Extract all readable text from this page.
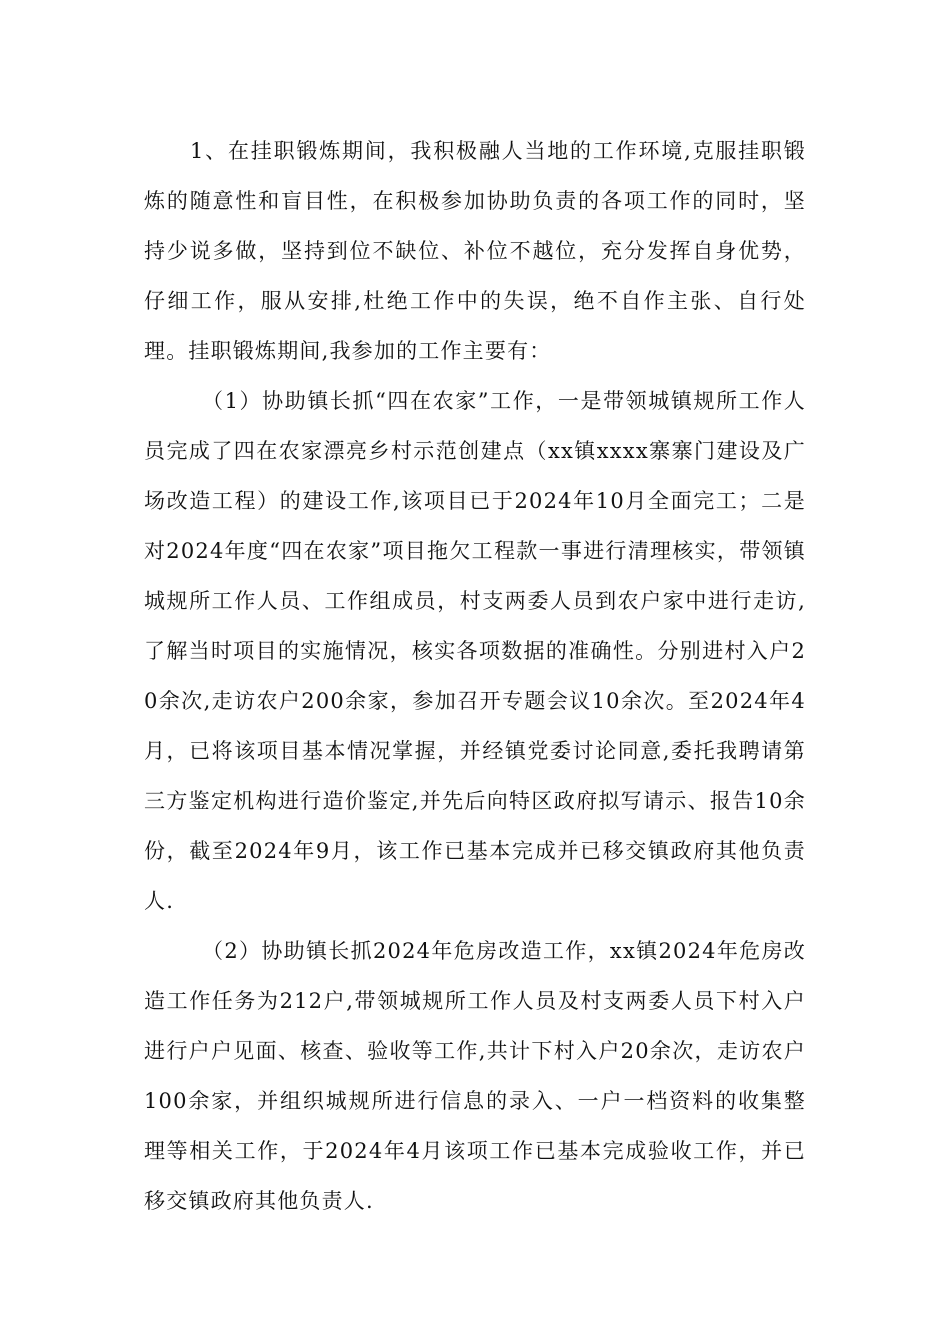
1、在挂职锻炼期间，我积极融人当地的工作环境,克服挂职锻炼的随意性和盲目性，在积极参加协助负责的各项工作的同时，坚持少说多做，坚持到位不缺位、补位不越位，充分发挥自身优势，仔细工作，服从安排,杜绝工作中的失误，绝不自作主张、自行处理。挂职锻炼期间,我参加的工作主要有：

（1）协助镇长抓“四在农家”工作，一是带领城镇规所工作人员完成了四在农家漂亮乡村示范创建点（xx镇xxxx寨寨门建设及广场改造工程）的建设工作,该项目已于2024年10月全面完工；二是对2024年度“四在农家”项目拖欠工程款一事进行清理核实，带领镇城规所工作人员、工作组成员，村支两委人员到农户家中进行走访,了解当时项目的实施情况，核实各项数据的准确性。分别进村入户20余次,走访农户200余家，参加召开专题会议10余次。至2024年4月，已将该项目基本情况掌握，并经镇党委讨论同意,委托我聘请第三方鉴定机构进行造价鉴定,并先后向特区政府拟写请示、报告10余份，截至2024年9月，该工作已基本完成并已移交镇政府其他负责人.

（2）协助镇长抓2024年危房改造工作，xx镇2024年危房改造工作任务为212户,带领城规所工作人员及村支两委人员下村入户进行户户见面、核查、验收等工作,共计下村入户20余次，走访农户100余家，并组织城规所进行信息的录入、一户一档资料的收集整理等相关工作，于2024年4月该项工作已基本完成验收工作，并已移交镇政府其他负责人.
